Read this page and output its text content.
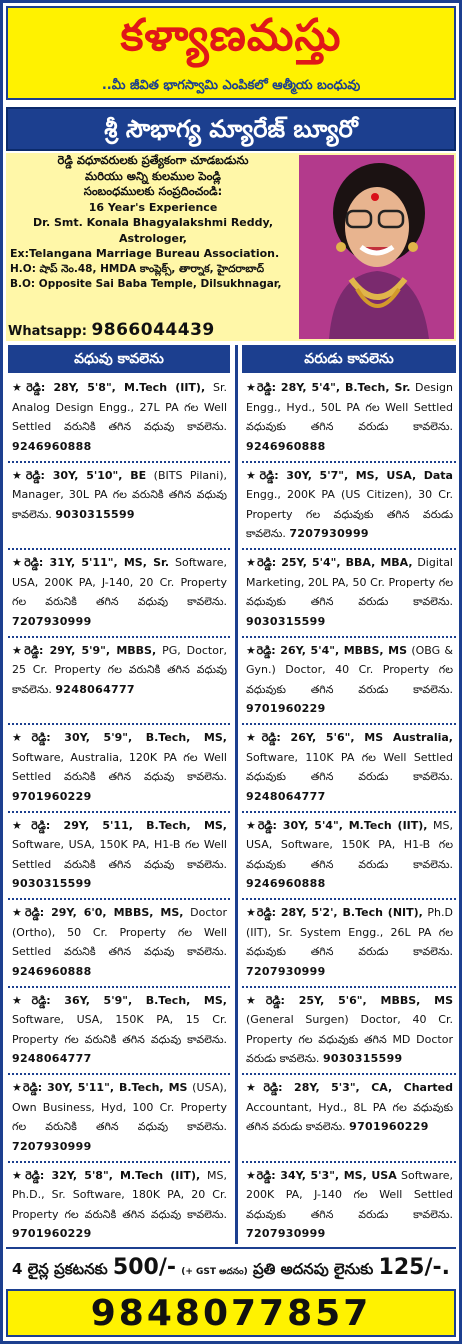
కళ్యాణమస్తు
..మీ జీవిత భాగస్వామి ఎంపికలో ఆత్మీయ బంధువు
శ్రీ సౌభాగ్య మ్యారేజ్ బ్యూరో
రెడ్డి వధూవరులకు ప్రత్యేకంగా చూడబడును
మరియు అన్ని కులముల పెండ్లి
సంబంధములకు సంప్రదించండి:
16 Year's Experience
Dr. Smt. Konala Bhagyalakshmi Reddy,
Astrologer,
Ex:Telangana Marriage Bureau Association.
H.O: షాప్ నెం.48, HMDA కాంప్లెక్స్, తార్నాక, హైదరాబాద్
B.O: Opposite Sai Baba Temple, Dilsukhnagar,
Whatsapp: 9866044439
వధువు కావలెను	వరుడు కావలెను
★రెడ్డి: 28Y, 5'8", M.Tech (IIT), Sr. Analog Design Engg., 27L PA గల Well Settled వరునికి తగిన వధువు కావలెను. 9246960888
★రెడ్డి: 30Y, 5'10", BE (BITS Pilani), Manager, 30L PA గల వరునికి తగిన వధువు కావలెను. 9030315599
★రెడ్డి: 31Y, 5'11", MS, Sr. Software, USA, 200K PA, J-140, 20 Cr. Property గల వరునికి తగిన వధువు కావలెను. 7207930999
★రెడ్డి: 29Y, 5'9", MBBS, PG, Doctor, 25 Cr. Property గల వరునికి తగిన వధువు కావలెను. 9248064777
★రెడ్డి: 30Y, 5'9", B.Tech, MS, Software, Australia, 120K PA గల Well Settled వరునికి తగిన వధువు కావలెను. 9701960229
★రెడ్డి: 29Y, 5'11, B.Tech, MS, Software, USA, 150K PA, H1-B గల Well Settled వరునికి తగిన వధువు కావలెను. 9030315599
★రెడ్డి: 29Y, 6'0, MBBS, MS, Doctor (Ortho), 50 Cr. Property గల Well Settled వరునికి తగిన వధువు కావలెను. 9246960888
★రెడ్డి: 36Y, 5'9", B.Tech, MS, Software, USA, 150K PA, 15 Cr. Property గల వరునికి తగిన వధువు కావలెను. 9248064777
★రెడ్డి: 30Y, 5'11", B.Tech, MS (USA), Own Business, Hyd, 100 Cr. Property గల వరునికి తగిన వధువు కావలెను. 7207930999
★రెడ్డి: 32Y, 5'8", M.Tech (IIT), MS, Ph.D., Sr. Software, 180K PA, 20 Cr. Property గల వరునికి తగిన వధువు కావలెను. 9701960229
★రెడ్డి: 28Y, 5'4", B.Tech, Sr. Design Engg., Hyd., 50L PA గల Well Settled వధువుకు తగిన వరుడు కావలెను. 9246960888
★రెడ్డి: 30Y, 5'7", MS, USA, Data Engg., 200K PA (US Citizen), 30 Cr. Property గల వధువుకు తగిన వరుడు కావలెను. 7207930999
★రెడ్డి: 25Y, 5'4", BBA, MBA, Digital Marketing, 20L PA, 50 Cr. Property గల వధువుకు తగిన వరుడు కావలెను. 9030315599
★రెడ్డి: 26Y, 5'4", MBBS, MS (OBG & Gyn.) Doctor, 40 Cr. Property గల వధువుకు తగిన వరుడు కావలెను. 9701960229
★రెడ్డి: 26Y, 5'6", MS Australia, Software, 110K PA గల Well Settled వధువుకు తగిన వరుడు కావలెను. 9248064777
★రెడ్డి: 30Y, 5'4", M.Tech (IIT), MS, USA, Software, 150K PA, H1-B గల వధువుకు తగిన వరుడు కావలెను. 9246960888
★రెడ్డి: 28Y, 5'2', B.Tech (NIT), Ph.D (IIT), Sr. System Engg., 26L PA గల వధువుకు తగిన వరుడు కావలెను. 7207930999
★రెడ్డి: 25Y, 5'6", MBBS, MS (General Surgen) Doctor, 40 Cr. Property గల వధువుకు తగిన MD Doctor వరుడు కావలెను. 9030315599
★రెడ్డి: 28Y, 5'3", CA, Charted Accountant, Hyd., 8L PA గల వధువుకు తగిన వరుడు కావలెను. 9701960229
★రెడ్డి: 34Y, 5'3", MS, USA Software, 200K PA, J-140 గల Well Settled వధువుకు తగిన వరుడు కావలెను. 7207930999
4 లైన్ల ప్రకటనకు 500/- (+ GST అదనం) ప్రతి అదనపు లైనుకు 125/-.
9848077857
